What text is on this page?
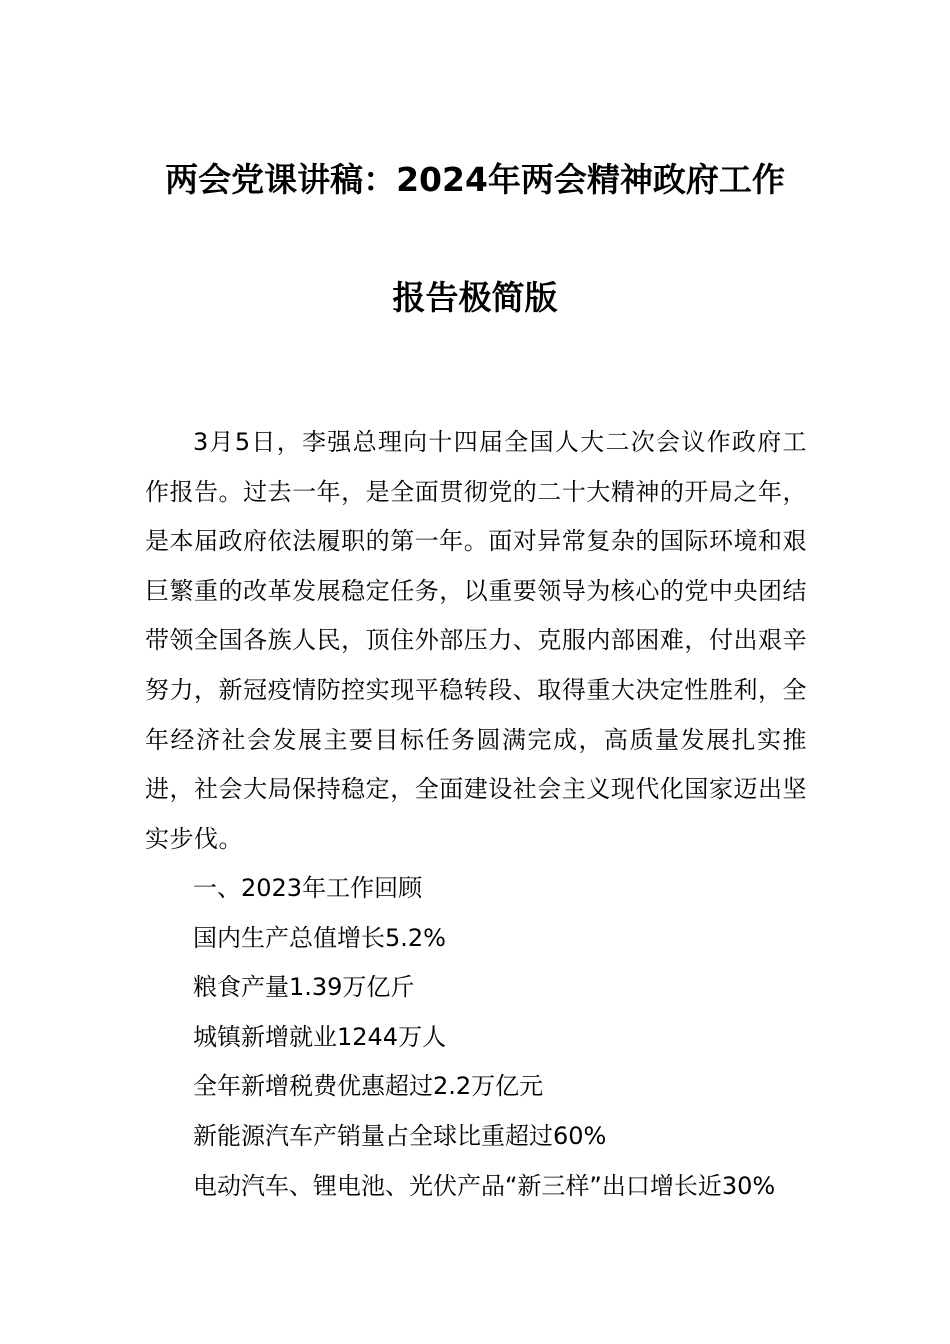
两会党课讲稿：2024年两会精神政府工作
报告极简版

3月5日，李强总理向十四届全国人大二次会议作政府工作报告。过去一年，是全面贯彻党的二十大精神的开局之年，是本届政府依法履职的第一年。面对异常复杂的国际环境和艰巨繁重的改革发展稳定任务，以重要领导为核心的党中央团结带领全国各族人民，顶住外部压力、克服内部困难，付出艰辛努力，新冠疫情防控实现平稳转段、取得重大决定性胜利，全年经济社会发展主要目标任务圆满完成，高质量发展扎实推进，社会大局保持稳定，全面建设社会主义现代化国家迈出坚实步伐。

一、2023年工作回顾
国内生产总值增长5.2%
粮食产量1.39万亿斤
城镇新增就业1244万人
全年新增税费优惠超过2.2万亿元
新能源汽车产销量占全球比重超过60%
电动汽车、锂电池、光伏产品“新三样”出口增长近30%
